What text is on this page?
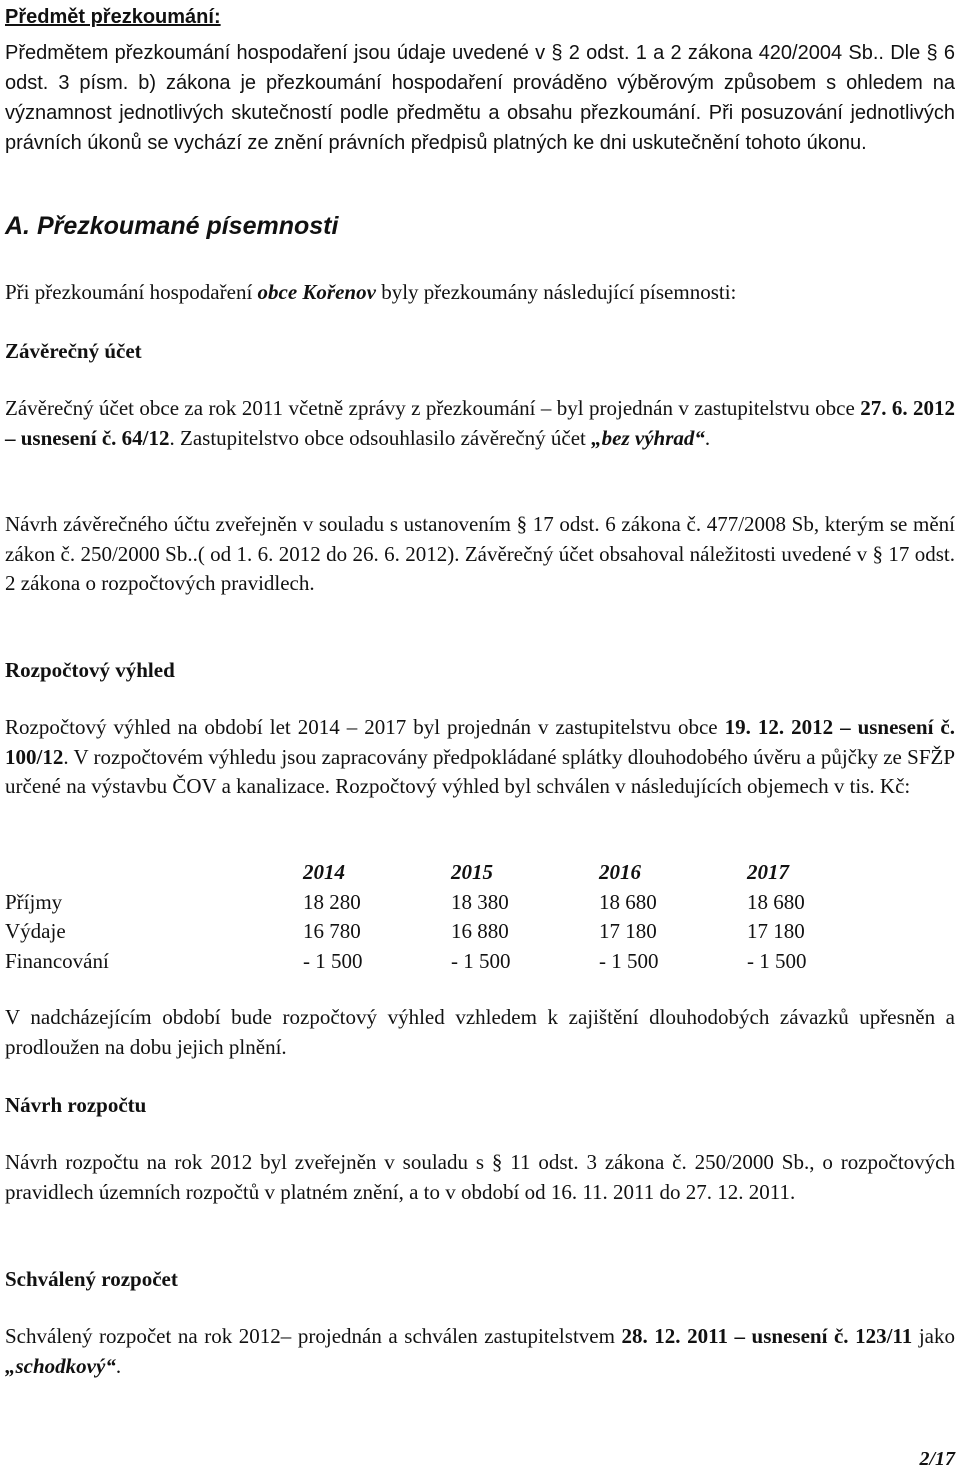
Předmět přezkoumání:

Předmětem přezkoumání hospodaření jsou údaje uvedené v § 2 odst. 1 a 2 zákona 420/2004 Sb.. Dle § 6 odst. 3 písm. b) zákona je přezkoumání hospodaření prováděno výběrovým způsobem s ohledem na významnost jednotlivých skutečností podle předmětu a obsahu přezkoumání. Při posuzování jednotlivých právních úkonů se vychází ze znění právních předpisů platných ke dni uskutečnění tohoto úkonu.

A. Přezkoumané písemnosti

Při přezkoumání hospodaření obce Kořenov byly přezkoumány následující písemnosti:

Závěrečný účet

Závěrečný účet obce za rok 2011 včetně zprávy z přezkoumání – byl projednán v zastupitelstvu obce 27. 6. 2012 – usnesení č. 64/12. Zastupitelstvo obce odsouhlasilo závěrečný účet „bez výhrad“.

Návrh závěrečného účtu zveřejněn v souladu s ustanovením § 17 odst. 6 zákona č. 477/2008 Sb, kterým se mění zákon č. 250/2000 Sb..( od 1. 6. 2012 do 26. 6. 2012). Závěrečný účet obsahoval náležitosti uvedené v § 17 odst. 2 zákona o rozpočtových pravidlech.

Rozpočtový výhled

Rozpočtový výhled na období let 2014 – 2017 byl projednán v zastupitelstvu obce 19. 12. 2012 – usnesení č. 100/12. V rozpočtovém výhledu jsou zapracovány předpokládané splátky dlouhodobého úvěru a půjčky ze SFŽP určené na výstavbu ČOV a kanalizace. Rozpočtový výhled byl schválen v následujících objemech v tis. Kč:

	2014	2015	2016	2017
Příjmy	18 280	18 380	18 680	18 680
Výdaje	16 780	16 880	17 180	17 180
Financování	- 1 500	- 1 500	- 1 500	- 1 500

V nadcházejícím období bude rozpočtový výhled vzhledem k zajištění dlouhodobých závazků upřesněn a prodloužen na dobu jejich plnění.

Návrh rozpočtu

Návrh rozpočtu na rok 2012 byl zveřejněn v souladu s § 11 odst. 3 zákona č. 250/2000 Sb., o rozpočtových pravidlech územních rozpočtů v platném znění, a to v období od 16. 11. 2011 do 27. 12. 2011.

Schválený rozpočet

Schválený rozpočet na rok 2012– projednán a schválen zastupitelstvem 28. 12. 2011 – usnesení č. 123/11 jako „schodkový“.

2/17
